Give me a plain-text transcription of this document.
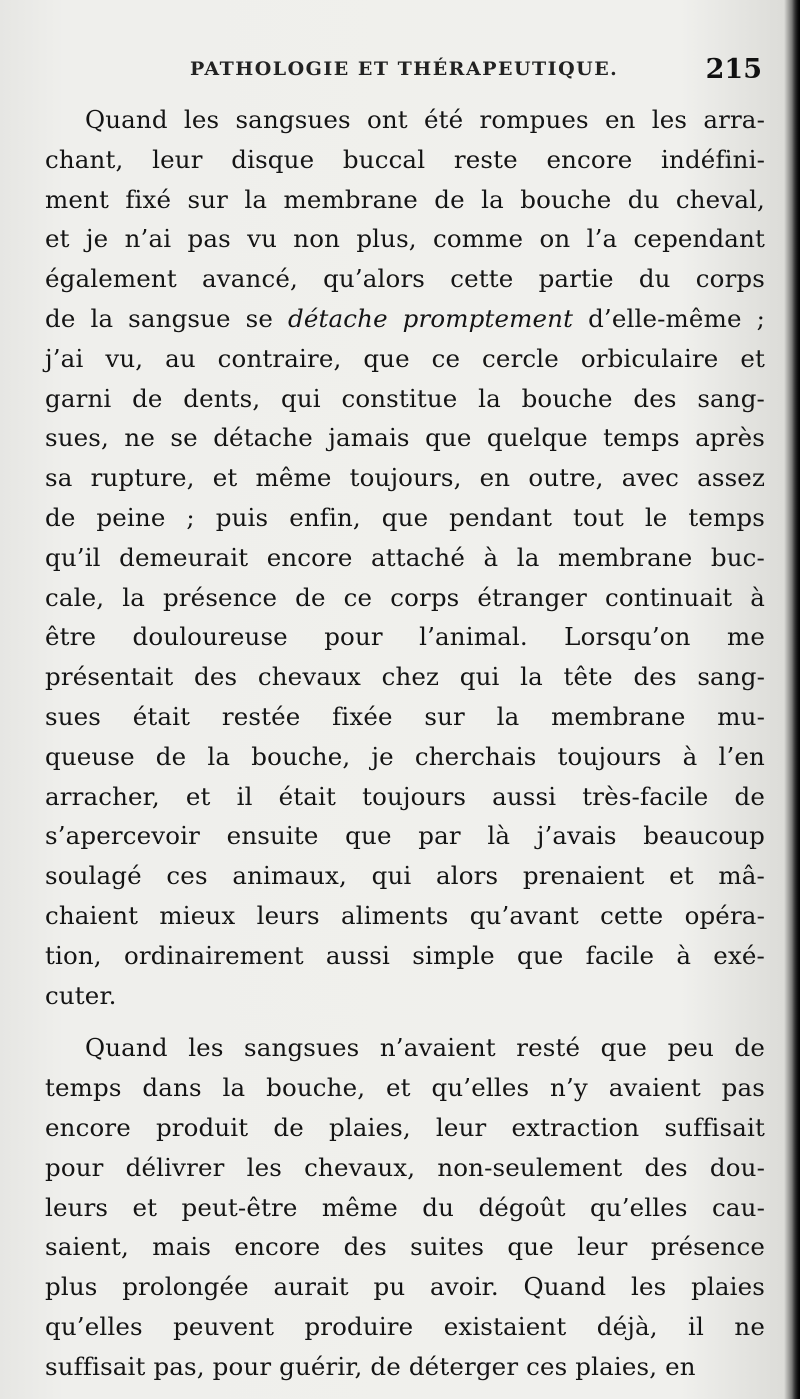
PATHOLOGIE ET THÉRAPEUTIQUE.	215
Quand les sangsues ont été rompues en les arra-
chant, leur disque buccal reste encore indéfini-
ment fixé sur la membrane de la bouche du cheval,
et je n’ai pas vu non plus, comme on l’a cependant
également avancé, qu’alors cette partie du corps
de la sangsue se détache promptement d’elle-même ;
j’ai vu, au contraire, que ce cercle orbiculaire et
garni de dents, qui constitue la bouche des sang-
sues, ne se détache jamais que quelque temps après
sa rupture, et même toujours, en outre, avec assez
de peine ; puis enfin, que pendant tout le temps
qu’il demeurait encore attaché à la membrane buc-
cale, la présence de ce corps étranger continuait à
être douloureuse pour l’animal. Lorsqu’on me
présentait des chevaux chez qui la tête des sang-
sues était restée fixée sur la membrane mu-
queuse de la bouche, je cherchais toujours à l’en
arracher, et il était toujours aussi très-facile de
s’apercevoir ensuite que par là j’avais beaucoup
soulagé ces animaux, qui alors prenaient et mâ-
chaient mieux leurs aliments qu’avant cette opéra-
tion, ordinairement aussi simple que facile à exé-
cuter.
Quand les sangsues n’avaient resté que peu de
temps dans la bouche, et qu’elles n’y avaient pas
encore produit de plaies, leur extraction suffisait
pour délivrer les chevaux, non-seulement des dou-
leurs et peut-être même du dégoût qu’elles cau-
saient, mais encore des suites que leur présence
plus prolongée aurait pu avoir. Quand les plaies
qu’elles peuvent produire existaient déjà, il ne
suffisait pas, pour guérir, de déterger ces plaies, en
